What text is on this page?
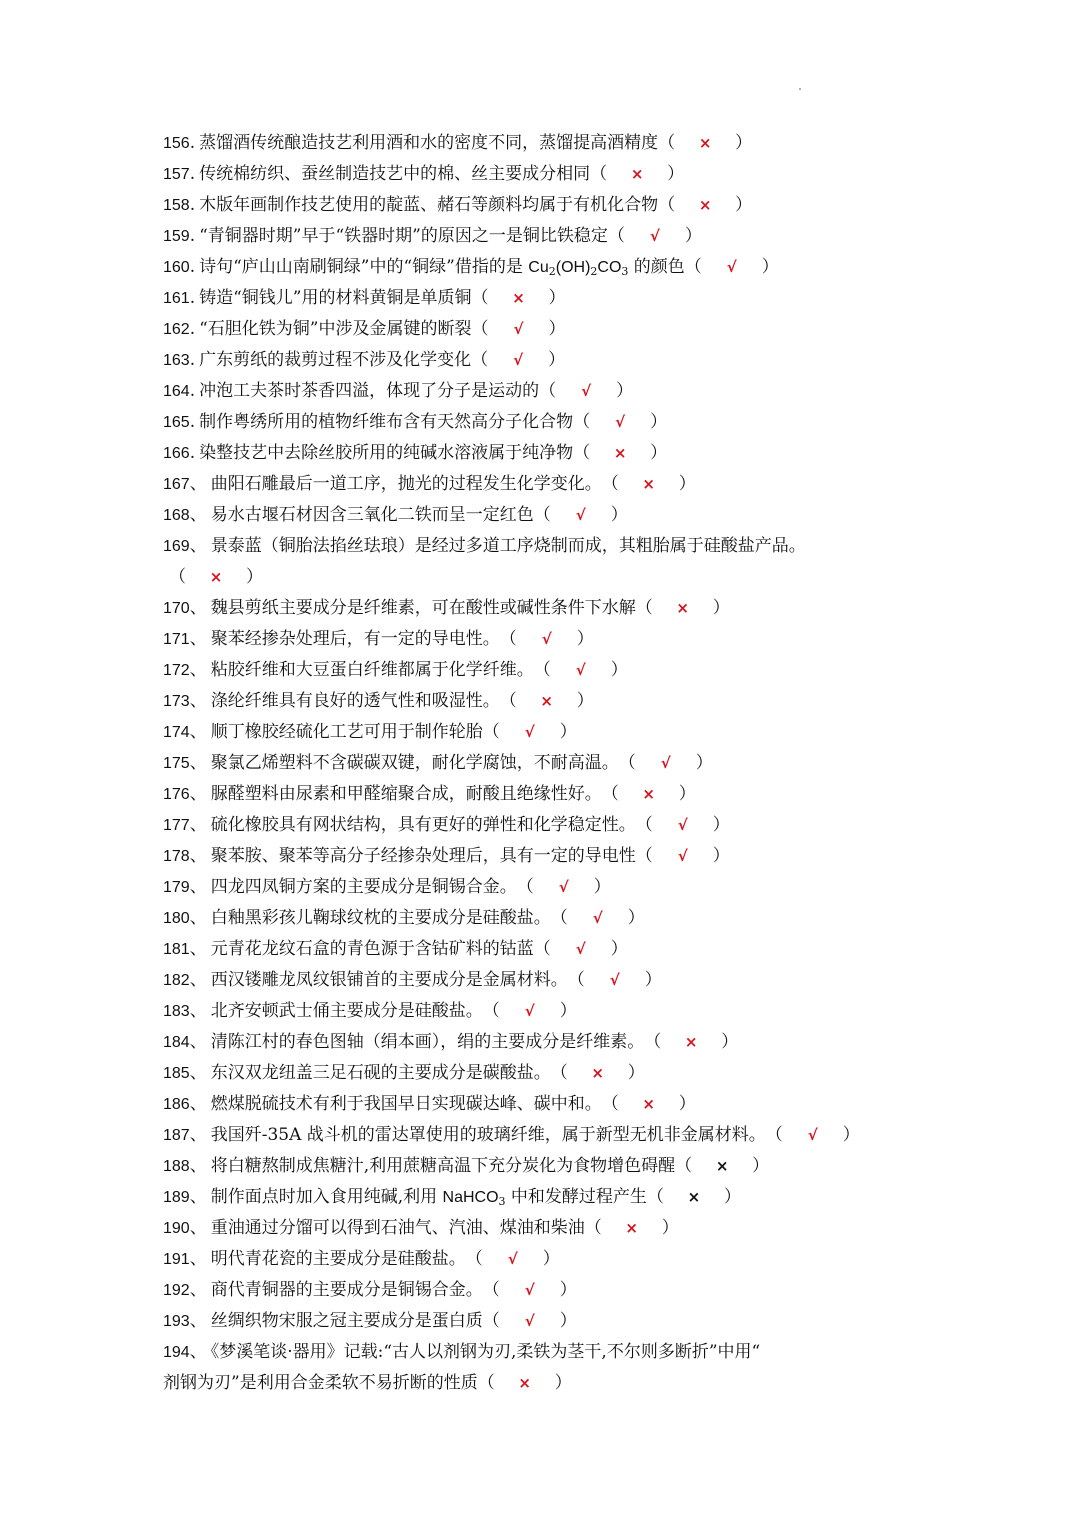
156. 蒸馏酒传统酿造技艺利用酒和水的密度不同，蒸馏提高酒精度（ × ）
157. 传统棉纺织、蚕丝制造技艺中的棉、丝主要成分相同（ × ）
158. 木版年画制作技艺使用的靛蓝、赭石等颜料均属于有机化合物（ × ）
159. “青铜器时期”早于“铁器时期”的原因之一是铜比铁稳定（ √ ）
160. 诗句“庐山山南刷铜绿”中的“铜绿”借指的是 $Cu_2(OH)_2CO_3$ 的颜色（ √ ）
161. 铸造“铜钱儿”用的材料黄铜是单质铜（ × ）
162. “石胆化铁为铜”中涉及金属键的断裂（ √ ）
163. 广东剪纸的裁剪过程不涉及化学变化（ √ ）
164. 冲泡工夫茶时茶香四溢，体现了分子是运动的（ √ ）
165. 制作粤绣所用的植物纤维布含有天然高分子化合物（ √ ）
166. 染整技艺中去除丝胶所用的纯碱水溶液属于纯净物（ × ）
167、 曲阳石雕最后一道工序，抛光的过程发生化学变化。（ × ）
168、 易水古堰石材因含三氧化二铁而呈一定红色（ √ ）
169、 景泰蓝（铜胎法掐丝珐琅）是经过多道工序烧制而成，其粗胎属于硅酸盐产品。
（ × ）
170、 魏县剪纸主要成分是纤维素，可在酸性或碱性条件下水解（ × ）
171、 聚苯经掺杂处理后，有一定的导电性。（ √ ）
172、 粘胶纤维和大豆蛋白纤维都属于化学纤维。（ √ ）
173、 涤纶纤维具有良好的透气性和吸湿性。（ × ）
174、 顺丁橡胶经硫化工艺可用于制作轮胎（ √ ）
175、 聚氯乙烯塑料不含碳碳双键，耐化学腐蚀，不耐高温。（ √ ）
176、 脲醛塑料由尿素和甲醛缩聚合成，耐酸且绝缘性好。（ × ）
177、 硫化橡胶具有网状结构，具有更好的弹性和化学稳定性。（ √ ）
178、 聚苯胺、聚苯等高分子经掺杂处理后，具有一定的导电性（ √ ）
179、 四龙四凤铜方案的主要成分是铜锡合金。（ √ ）
180、 白釉黑彩孩儿鞠球纹枕的主要成分是硅酸盐。（ √ ）
181、 元青花龙纹石盒的青色源于含钴矿料的钴蓝（ √ ）
182、 西汉镂雕龙凤纹银铺首的主要成分是金属材料。（ √ ）
183、 北齐安顿武士俑主要成分是硅酸盐。（ √ ）
184、 清陈江村的春色图轴（绢本画），绢的主要成分是纤维素。（ × ）
185、 东汉双龙纽盖三足石砚的主要成分是碳酸盐。（ × ）
186、 燃煤脱硫技术有利于我国早日实现碳达峰、碳中和。（ × ）
187、 我国歼-35A 战斗机的雷达罩使用的玻璃纤维，属于新型无机非金属材料。（ √ ）
188、 将白糖熬制成焦糖汁,利用蔗糖高温下充分炭化为食物增色碍醒（ × ）
189、 制作面点时加入食用纯碱,利用 NaHCO$_3$ 中和发酵过程产生（ × ）
190、 重油通过分馏可以得到石油气、汽油、煤油和柴油（ × ）
191、 明代青花瓷的主要成分是硅酸盐。（ √ ）
192、 商代青铜器的主要成分是铜锡合金。（ √ ）
193、 丝绸织物宋服之冠主要成分是蛋白质（ √ ）
194、 《梦溪笔谈·器用》记载:“古人以剂钢为刃,柔铁为茎干,不尔则多断折”中用“
剂钢为刃”是利用合金柔软不易折断的性质（ × ）
